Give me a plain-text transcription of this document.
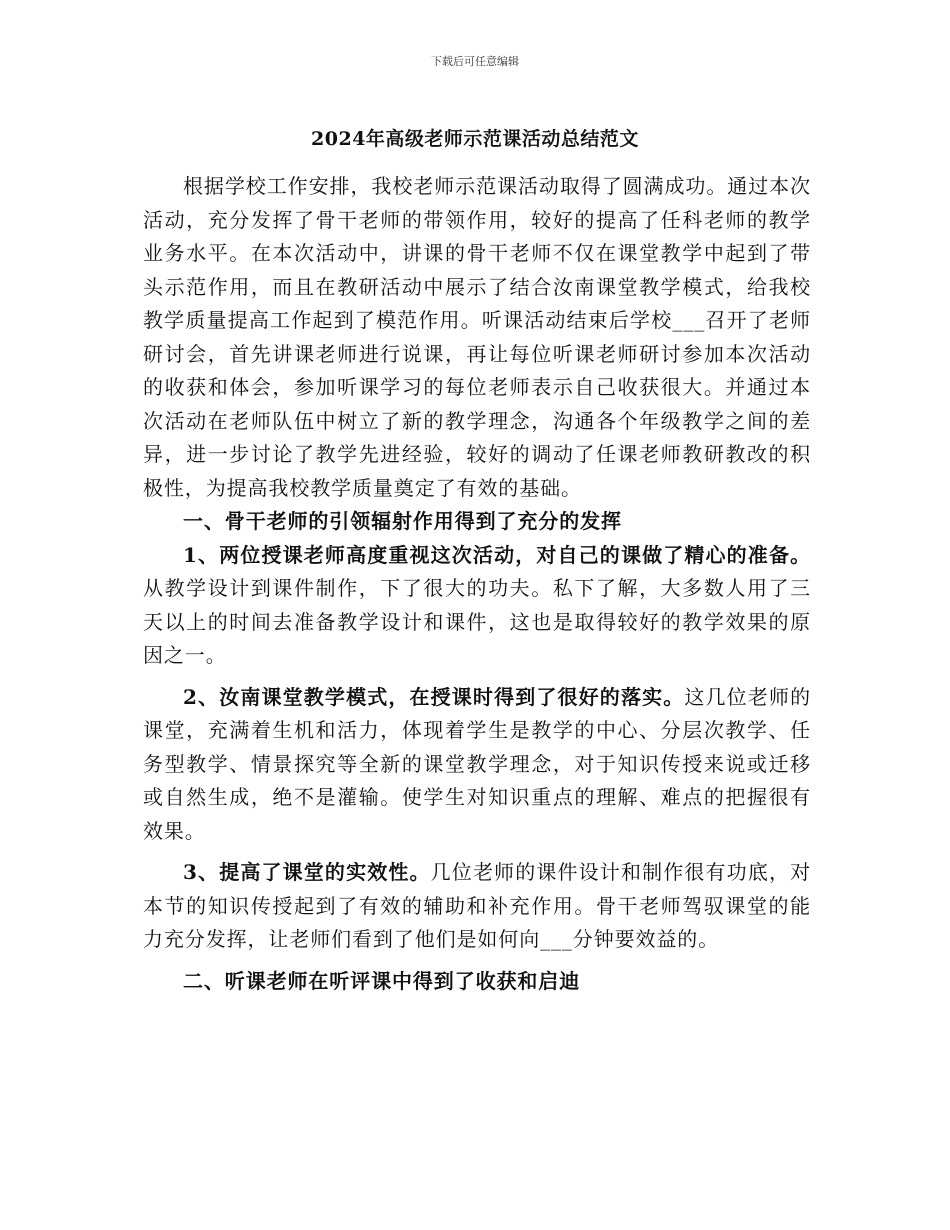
下载后可任意编辑
2024年高级老师示范课活动总结范文

根据学校工作安排，我校老师示范课活动取得了圆满成功。通过本次活动，充分发挥了骨干老师的带领作用，较好的提高了任科老师的教学业务水平。在本次活动中，讲课的骨干老师不仅在课堂教学中起到了带头示范作用，而且在教研活动中展示了结合汝南课堂教学模式，给我校教学质量提高工作起到了模范作用。听课活动结束后学校___召开了老师研讨会，首先讲课老师进行说课，再让每位听课老师研讨参加本次活动的收获和体会，参加听课学习的每位老师表示自己收获很大。并通过本次活动在老师队伍中树立了新的教学理念，沟通各个年级教学之间的差异，进一步讨论了教学先进经验，较好的调动了任课老师教研教改的积极性，为提高我校教学质量奠定了有效的基础。

一、骨干老师的引领辐射作用得到了充分的发挥

1、两位授课老师高度重视这次活动，对自己的课做了精心的准备。从教学设计到课件制作，下了很大的功夫。私下了解，大多数人用了三天以上的时间去准备教学设计和课件，这也是取得较好的教学效果的原因之一。

2、汝南课堂教学模式，在授课时得到了很好的落实。这几位老师的课堂，充满着生机和活力，体现着学生是教学的中心、分层次教学、任务型教学、情景探究等全新的课堂教学理念，对于知识传授来说或迁移或自然生成，绝不是灌输。使学生对知识重点的理解、难点的把握很有效果。

3、提高了课堂的实效性。几位老师的课件设计和制作很有功底，对本节的知识传授起到了有效的辅助和补充作用。骨干老师驾驭课堂的能力充分发挥，让老师们看到了他们是如何向___分钟要效益的。

二、听课老师在听评课中得到了收获和启迪
